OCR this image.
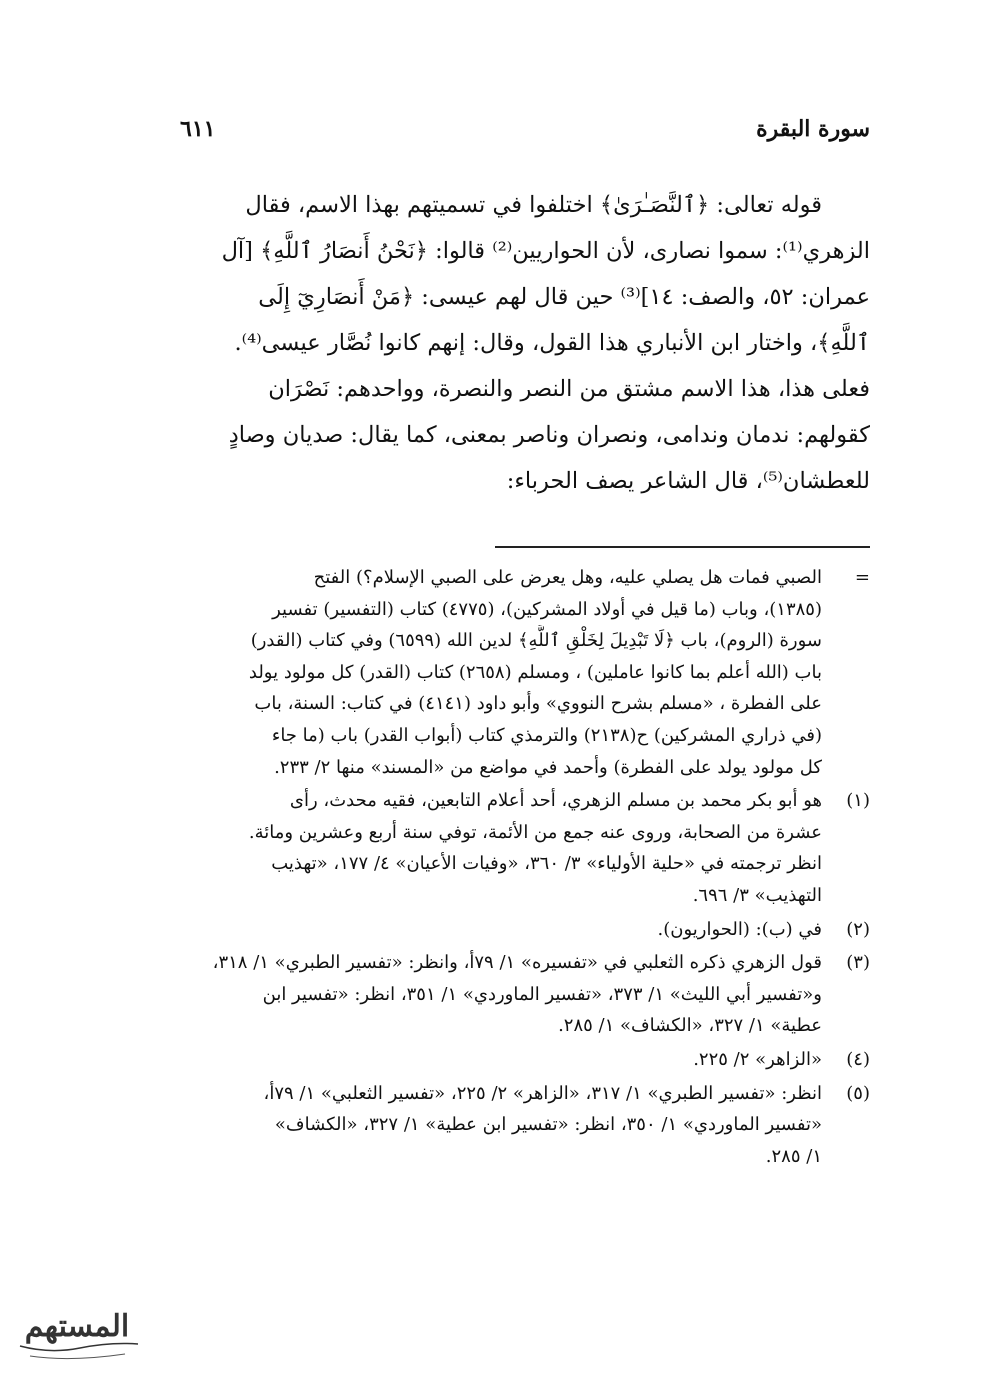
سورة البقرة
٦١١
قوله تعالى: ﴿ٱلنَّصَـٰرَىٰ﴾ اختلفوا في تسميتهم بهذا الاسم، فقال
الزهري⁽¹⁾: سموا نصارى، لأن الحواريين⁽²⁾ قالوا: ﴿نَحْنُ أَنصَارُ ٱللَّهِ﴾ [آل
عمران: ٥٢، والصف: ١٤]⁽³⁾ حين قال لهم عيسى: ﴿مَنْ أَنصَارِيٓ إِلَى
ٱللَّهِ﴾، واختار ابن الأنباري هذا القول، وقال: إنهم كانوا نُصَّار عيسى⁽⁴⁾.
فعلى هذا، هذا الاسم مشتق من النصر والنصرة، وواحدهم: نَصْرَان
كقولهم: ندمان وندامى، ونصران وناصر بمعنى، كما يقال: صديان وصادٍ
للعطشان⁽⁵⁾، قال الشاعر يصف الحرباء:
=
الصبي فمات هل يصلي عليه، وهل يعرض على الصبي الإسلام؟) الفتح
(١٣٨٥)، وباب (ما قيل في أولاد المشركين)، (٤٧٧٥) كتاب (التفسير) تفسير
سورة (الروم)، باب ﴿لَا تَبْدِيلَ لِخَلْقِ ٱللَّهِ﴾ لدين الله (٦٥٩٩) وفي كتاب (القدر)
باب (الله أعلم بما كانوا عاملين) ، ومسلم (٢٦٥٨) كتاب (القدر) كل مولود يولد
على الفطرة ، «مسلم بشرح النووي» وأبو داود (٤١٤١) في كتاب: السنة، باب
(في ذراري المشركين) ح(٢١٣٨) والترمذي كتاب (أبواب القدر) باب (ما جاء
كل مولود يولد على الفطرة) وأحمد في مواضع من «المسند» منها ٢/ ٢٣٣.
(١)
هو أبو بكر محمد بن مسلم الزهري، أحد أعلام التابعين، فقيه محدث، رأى
عشرة من الصحابة، وروى عنه جمع من الأئمة، توفي سنة أربع وعشرين ومائة.
انظر ترجمته في «حلية الأولياء» ٣/ ٣٦٠، «وفيات الأعيان» ٤/ ١٧٧، «تهذيب
التهذيب» ٣/ ٦٩٦.
(٢)
في (ب): (الحواريون).
(٣)
قول الزهري ذكره الثعلبي في «تفسيره» ١/ ٧٩أ، وانظر: «تفسير الطبري» ١/ ٣١٨،
و«تفسير أبي الليث» ١/ ٣٧٣، «تفسير الماوردي» ١/ ٣٥١، انظر: «تفسير ابن
عطية» ١/ ٣٢٧، «الكشاف» ١/ ٢٨٥.
(٤)
«الزاهر» ٢/ ٢٢٥.
(٥)
انظر: «تفسير الطبري» ١/ ٣١٧، «الزاهر» ٢/ ٢٢٥، «تفسير الثعلبي» ١/ ٧٩أ،
«تفسير الماوردي» ١/ ٣٥٠، انظر: «تفسير ابن عطية» ١/ ٣٢٧، «الكشاف»
١/ ٢٨٥.
المستهم
